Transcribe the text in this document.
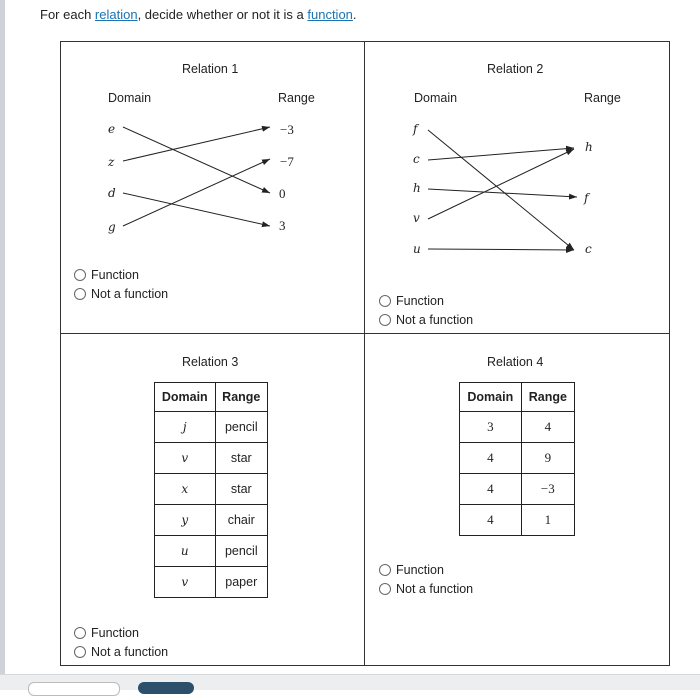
For each relation, decide whether or not it is a function.
Relation 1
Domain	Range
e
z
d
g
−3
−7
0
3
Function
Not a function
Relation 2
Domain	Range
f
c
h
v
u
h
f
c
Function
Not a function
Relation 3
Domain	Range
j	pencil
v	star
x	star
y	chair
u	pencil
v	paper
Function
Not a function
Relation 4
Domain	Range
3	4
4	9
4	−3
4	1
Function
Not a function
